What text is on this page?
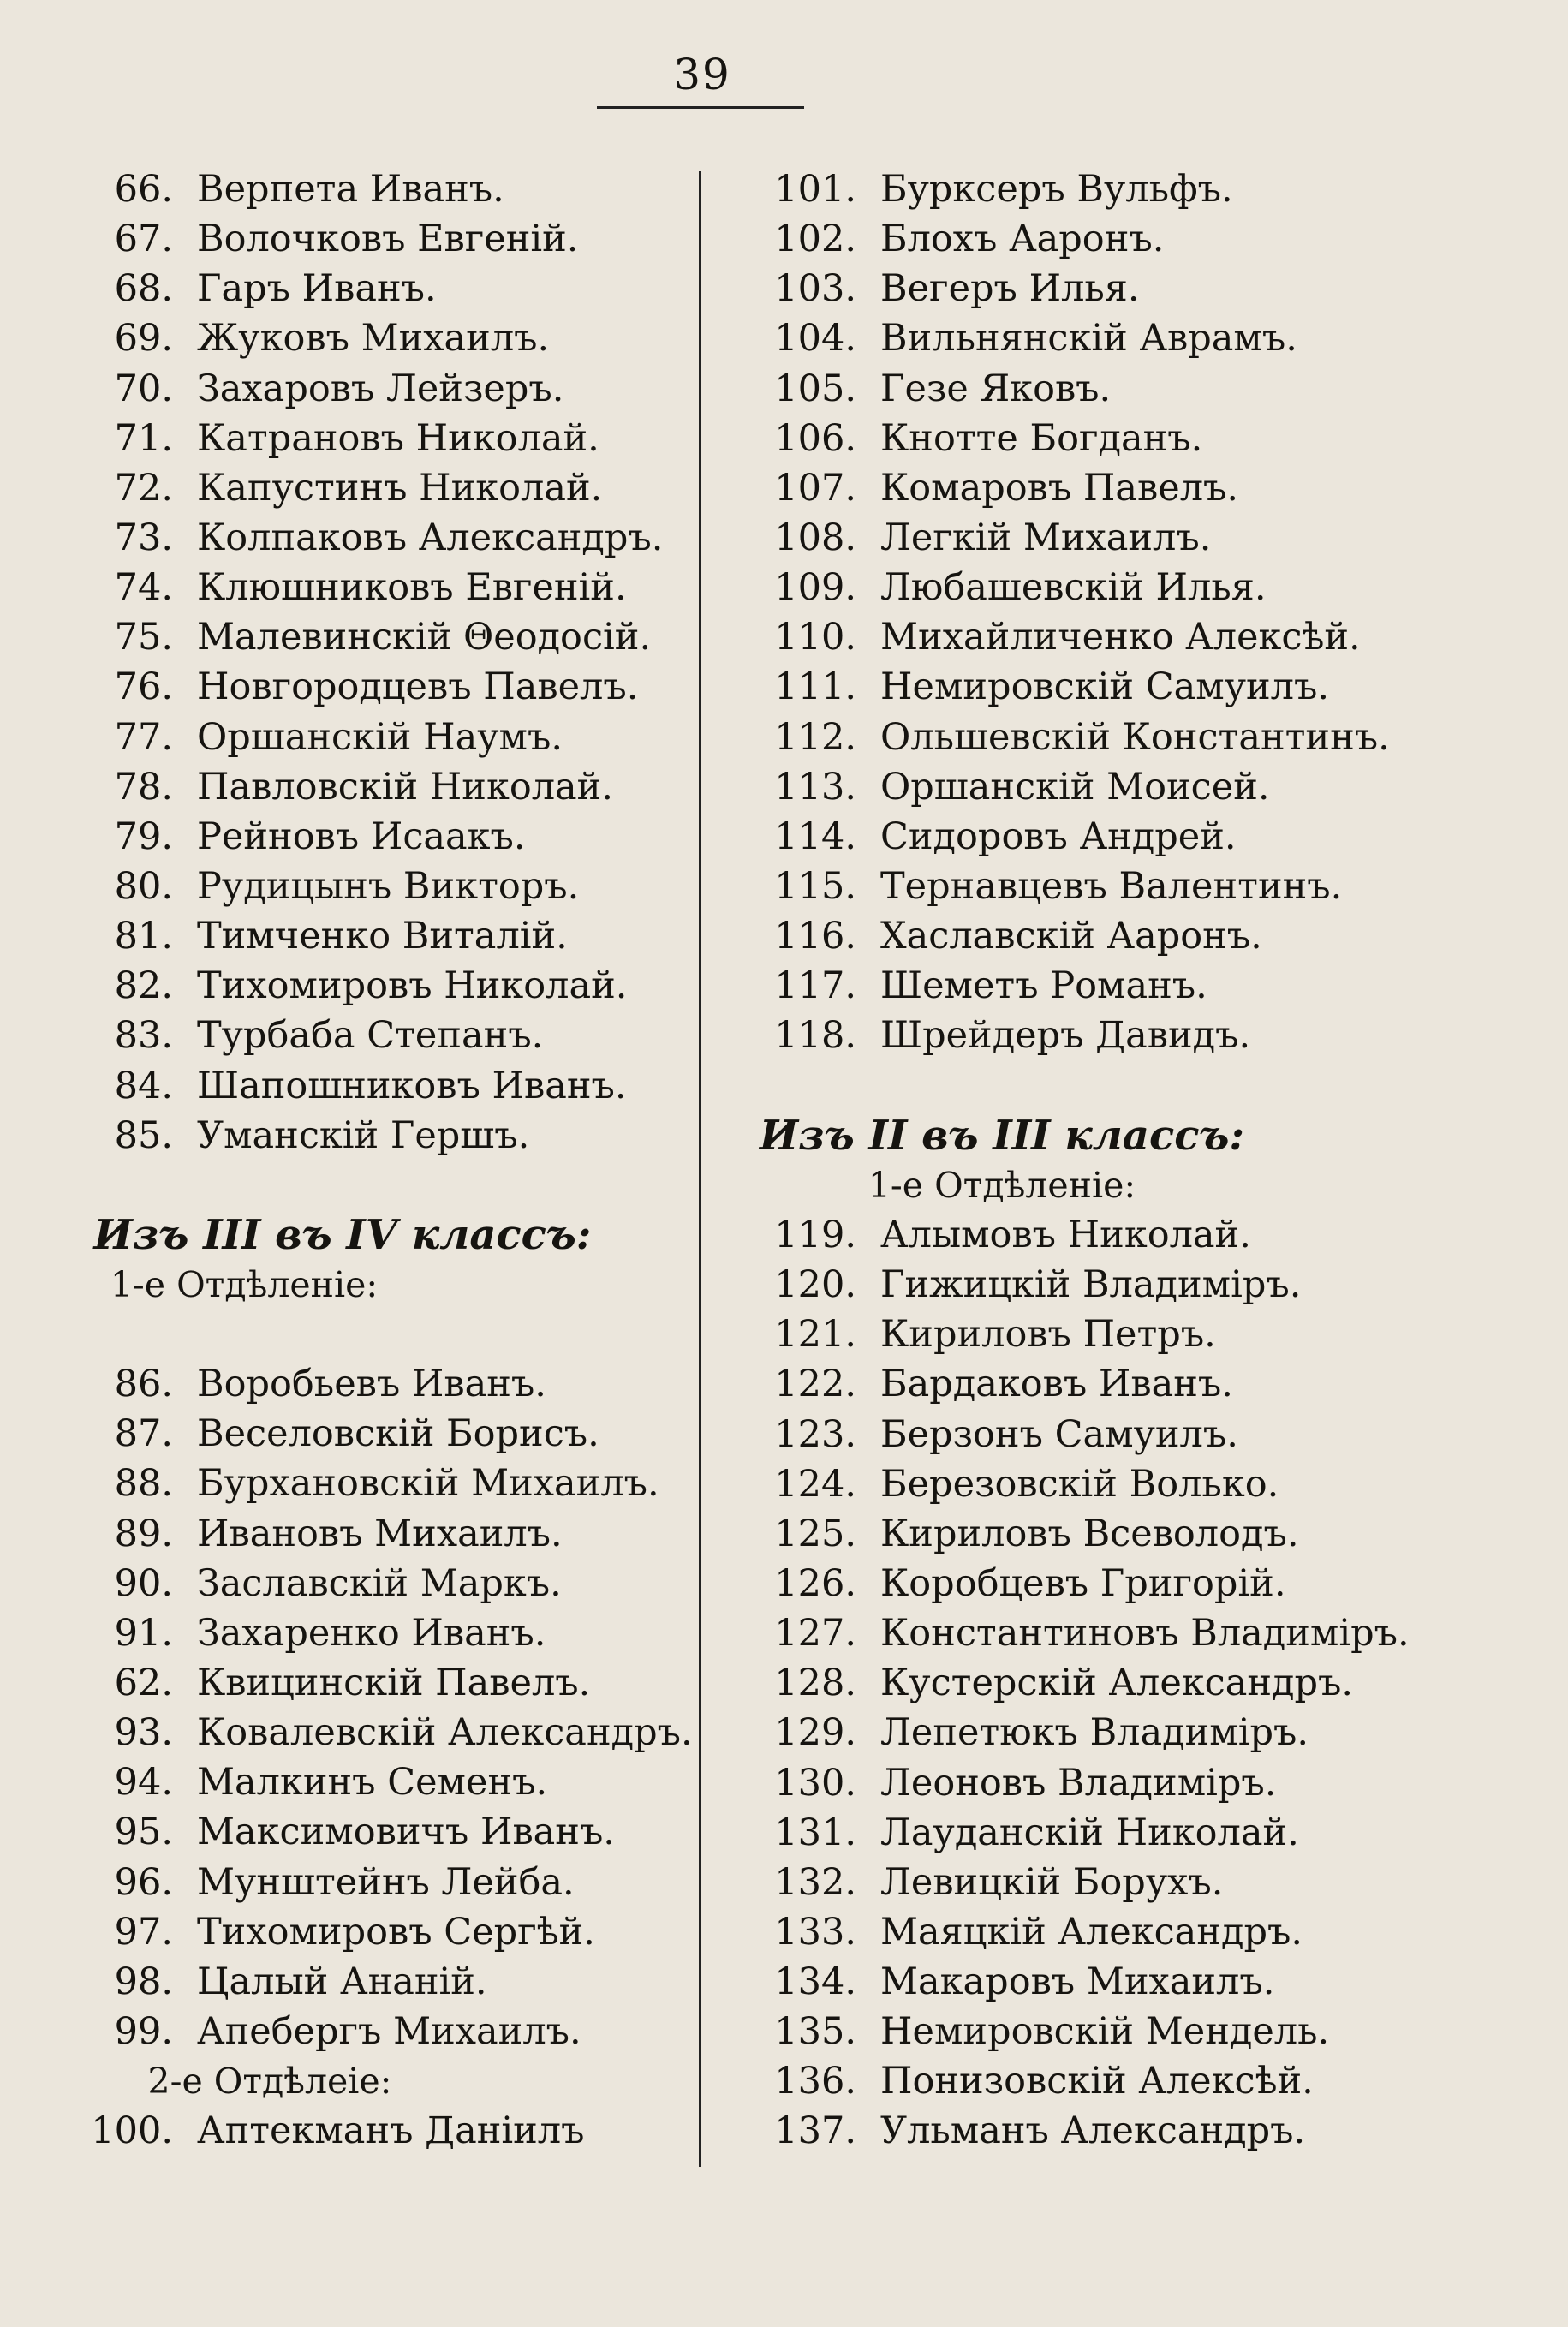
39
66. Верпета Иванъ.
67. Волочковъ Евгеній.
68. Гаръ Иванъ.
69. Жуковъ Михаилъ.
70. Захаровъ Лейзеръ.
71. Катрановъ Николай.
72. Капустинъ Николай.
73. Колпаковъ Александръ.
74. Клюшниковъ Евгеній.
75. Малевинскій Θеодосій.
76. Новгородцевъ Павелъ.
77. Оршанскій Наумъ.
78. Павловскій Николай.
79. Рейновъ Исаакъ.
80. Рудицынъ Викторъ.
81. Тимченко Виталій.
82. Тихомировъ Николай.
83. Турбаба Степанъ.
84. Шапошниковъ Иванъ.
85. Уманскій Гершъ.
Изъ III въ IV классъ:
1-е Отдѣленіе:
86. Воробьевъ Иванъ.
87. Веселовскій Борисъ.
88. Бурхановскій Михаилъ.
89. Ивановъ Михаилъ.
90. Заславскій Маркъ.
91. Захаренко Иванъ.
62. Квицинскій Павелъ.
93. Ковалевскій Александръ.
94. Малкинъ Семенъ.
95. Максимовичъ Иванъ.
96. Мунштейнъ Лейба.
97. Тихомировъ Сергѣй.
98. Цалый Ананій.
99. Апебергъ Михаилъ.
2-е Отдѣлеіе:
100. Аптекманъ Даніилъ
101. Бурксеръ Вульфъ.
102. Блохъ Ааронъ.
103. Вегеръ Илья.
104. Вильнянскій Аврамъ.
105. Гезе Яковъ.
106. Кнотте Богданъ.
107. Комаровъ Павелъ.
108. Легкій Михаилъ.
109. Любашевскій Илья.
110. Михайличенко Алексѣй.
111. Немировскій Самуилъ.
112. Ольшевскій Константинъ.
113. Оршанскій Моисей.
114. Сидоровъ Андрей.
115. Тернавцевъ Валентинъ.
116. Хаславскій Ааронъ.
117. Шеметъ Романъ.
118. Шрейдеръ Давидъ.
Изъ II въ III классъ:
1-е Отдѣленіе:
119. Алымовъ Николай.
120. Гижицкій Владиміръ.
121. Кириловъ Петръ.
122. Бардаковъ Иванъ.
123. Берзонъ Самуилъ.
124. Березовскій Волько.
125. Кириловъ Всеволодъ.
126. Коробцевъ Григорій.
127. Константиновъ Владиміръ.
128. Кустерскій Александръ.
129. Лепетюкъ Владиміръ.
130. Леоновъ Владиміръ.
131. Лауданскій Николай.
132. Левицкій Борухъ.
133. Маяцкій Александръ.
134. Макаровъ Михаилъ.
135. Немировскій Мендель.
136. Понизовскій Алексѣй.
137. Ульманъ Александръ.
